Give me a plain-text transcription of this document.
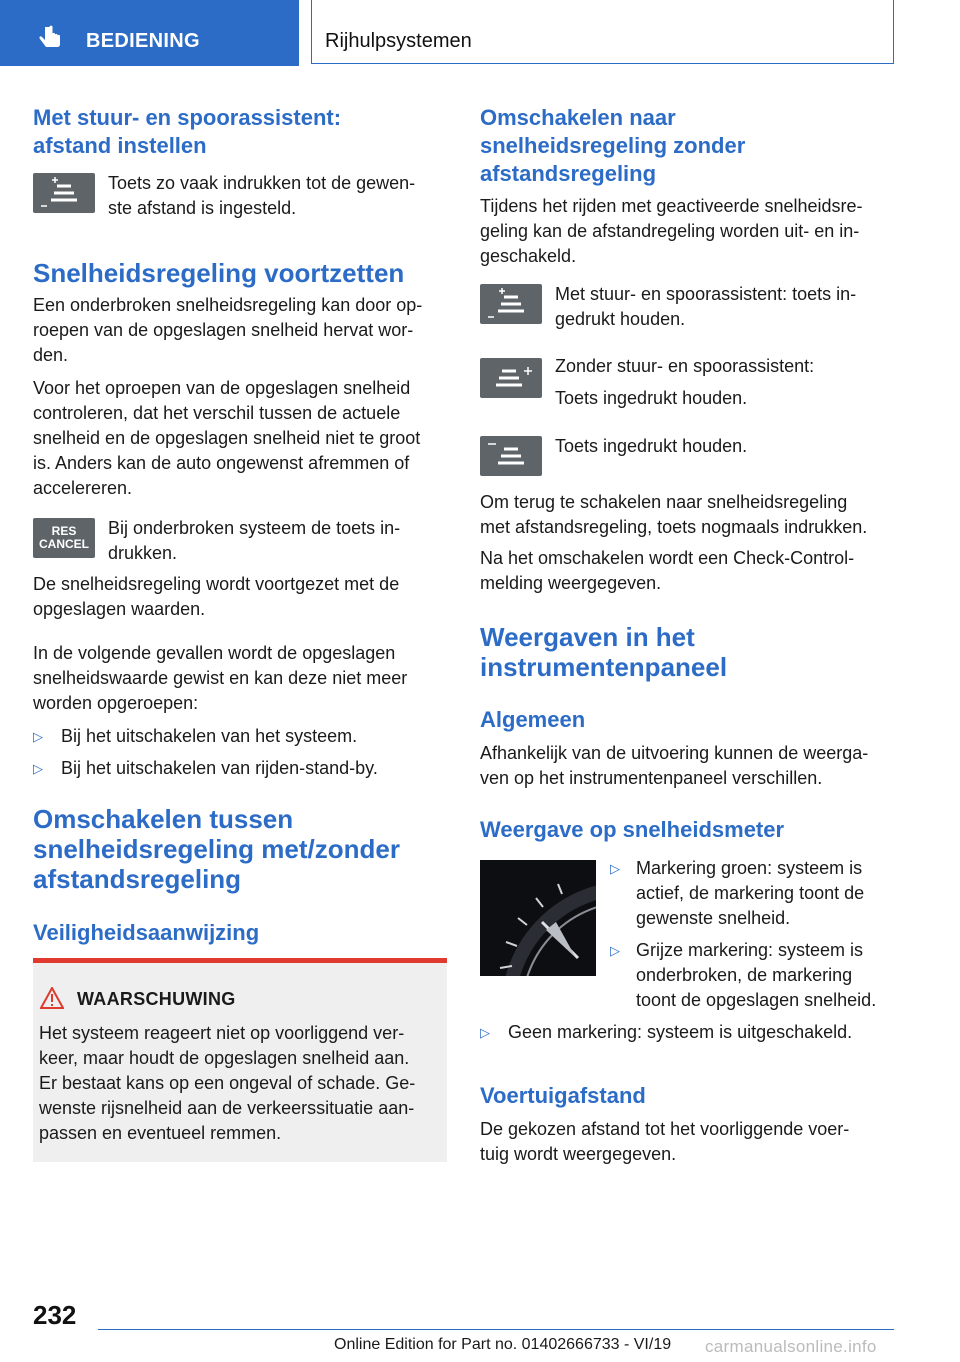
BEDIENING	Rijhulpsystemen
Met stuur- en spoorassistent:
afstand instellen

Toets zo vaak indrukken tot de gewen-
ste afstand is ingesteld.

Snelheidsregeling voortzetten

Een onderbroken snelheidsregeling kan door op-
roepen van de opgeslagen snelheid hervat wor-
den.

Voor het oproepen van de opgeslagen snelheid
controleren, dat het verschil tussen de actuele
snelheid en de opgeslagen snelheid niet te groot
is. Anders kan de auto ongewenst afremmen of
accelereren.

RES
CANCEL

Bij onderbroken systeem de toets in-
drukken.

De snelheidsregeling wordt voortgezet met de
opgeslagen waarden.

In de volgende gevallen wordt de opgeslagen
snelheidswaarde gewist en kan deze niet meer
worden opgeroepen:

▷ Bij het uitschakelen van het systeem.
▷ Bij het uitschakelen van rijden-stand-by.
Omschakelen tussen
snelheidsregeling met/zonder
afstandsregeling
Veiligheidsaanwijzing
WAARSCHUWING

Het systeem reageert niet op voorliggend ver-
keer, maar houdt de opgeslagen snelheid aan.
Er bestaat kans op een ongeval of schade. Ge-
wenste rijsnelheid aan de verkeerssituatie aan-
passen en eventueel remmen.

Omschakelen naar
snelheidsregeling zonder
afstandsregeling

Tijdens het rijden met geactiveerde snelheidsre-
geling kan de afstandregeling worden uit- en in-
geschakeld.

Met stuur- en spoorassistent: toets in-
gedrukt houden.

Zonder stuur- en spoorassistent:

Toets ingedrukt houden.

Toets ingedrukt houden.

Om terug te schakelen naar snelheidsregeling
met afstandsregeling, toets nogmaals indrukken.

Na het omschakelen wordt een Check-Control-
melding weergegeven.

Weergaven in het
instrumentenpaneel
Algemeen

Afhankelijk van de uitvoering kunnen de weerga-
ven op het instrumentenpaneel verschillen.

Weergave op snelheidsmeter
▷ Markering groen: systeem is
actief, de markering toont de
gewenste snelheid.
▷ Grijze markering: systeem is
onderbroken, de markering
toont de opgeslagen snelheid.
▷ Geen markering: systeem is uitgeschakeld.
Voertuigafstand

De gekozen afstand tot het voorliggende voer-
tuig wordt weergegeven.

232
Online Edition for Part no. 01402666733 - VI/19 carmanualsonline.info
